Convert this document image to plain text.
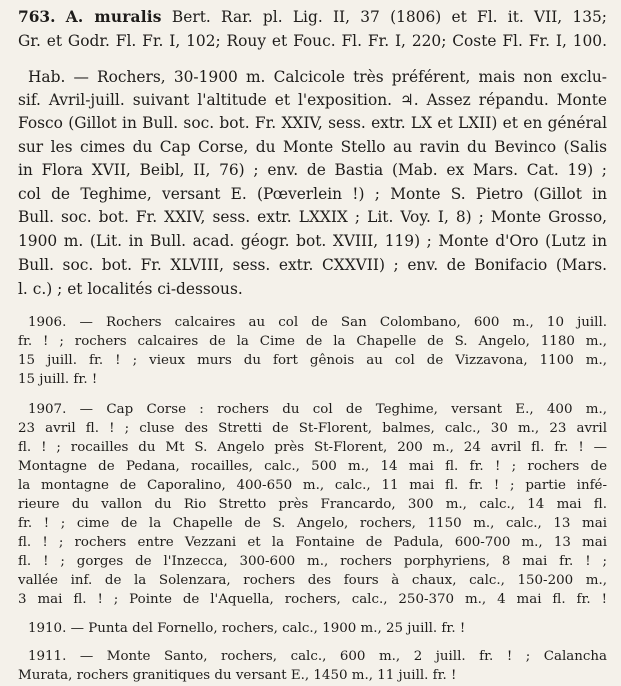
763. A. muralis Bert. Rar. pl. Lig. II, 37 (1806) et Fl. it. VII, 135;
Gr. et Godr. Fl. Fr. I, 102; Rouy et Fouc. Fl. Fr. I, 220; Coste Fl. Fr. I, 100.
Hab. — Rochers, 30-1900 m. Calcicole très préférent, mais non exclu-
sif. Avril-juill. suivant l'altitude et l'exposition. ♃. Assez répandu. Monte
Fosco (Gillot in Bull. soc. bot. Fr. XXIV, sess. extr. LX et LXII) et en général
sur les cimes du Cap Corse, du Monte Stello au ravin du Bevinco (Salis
in Flora XVII, Beibl, II, 76) ; env. de Bastia (Mab. ex Mars. Cat. 19) ;
col de Teghime, versant E. (Pœverlein !) ; Monte S. Pietro (Gillot in
Bull. soc. bot. Fr. XXIV, sess. extr. LXXIX ; Lit. Voy. I, 8) ; Monte Grosso,
1900 m. (Lit. in Bull. acad. géogr. bot. XVIII, 119) ; Monte d'Oro (Lutz in
Bull. soc. bot. Fr. XLVIII, sess. extr. CXXVII) ; env. de Bonifacio (Mars.
l. c.) ; et localités ci-dessous.
1906. — Rochers calcaires au col de San Colombano, 600 m., 10 juill.
fr. ! ; rochers calcaires de la Cime de la Chapelle de S. Angelo, 1180 m.,
15 juill. fr. ! ; vieux murs du fort gênois au col de Vizzavona, 1100 m.,
15 juill. fr. !
1907. — Cap Corse : rochers du col de Teghime, versant E., 400 m.,
23 avril fl. ! ; cluse des Stretti de St-Florent, balmes, calc., 30 m., 23 avril
fl. ! ; rocailles du Mt S. Angelo près St-Florent, 200 m., 24 avril fl. fr. ! —
Montagne de Pedana, rocailles, calc., 500 m., 14 mai fl. fr. ! ; rochers de
la montagne de Caporalino, 400-650 m., calc., 11 mai fl. fr. ! ; partie infé-
rieure du vallon du Rio Stretto près Francardo, 300 m., calc., 14 mai fl.
fr. ! ; cime de la Chapelle de S. Angelo, rochers, 1150 m., calc., 13 mai
fl. ! ; rochers entre Vezzani et la Fontaine de Padula, 600-700 m., 13 mai
fl. ! ; gorges de l'Inzecca, 300-600 m., rochers porphyriens, 8 mai fr. ! ;
vallée inf. de la Solenzara, rochers des fours à chaux, calc., 150-200 m.,
3 mai fl. ! ; Pointe de l'Aquella, rochers, calc., 250-370 m., 4 mai fl. fr. !
1910. — Punta del Fornello, rochers, calc., 1900 m., 25 juill. fr. !
1911. — Monte Santo, rochers, calc., 600 m., 2 juill. fr. ! ; Calancha
Murata, rochers granitiques du versant E., 1450 m., 11 juill. fr. !
